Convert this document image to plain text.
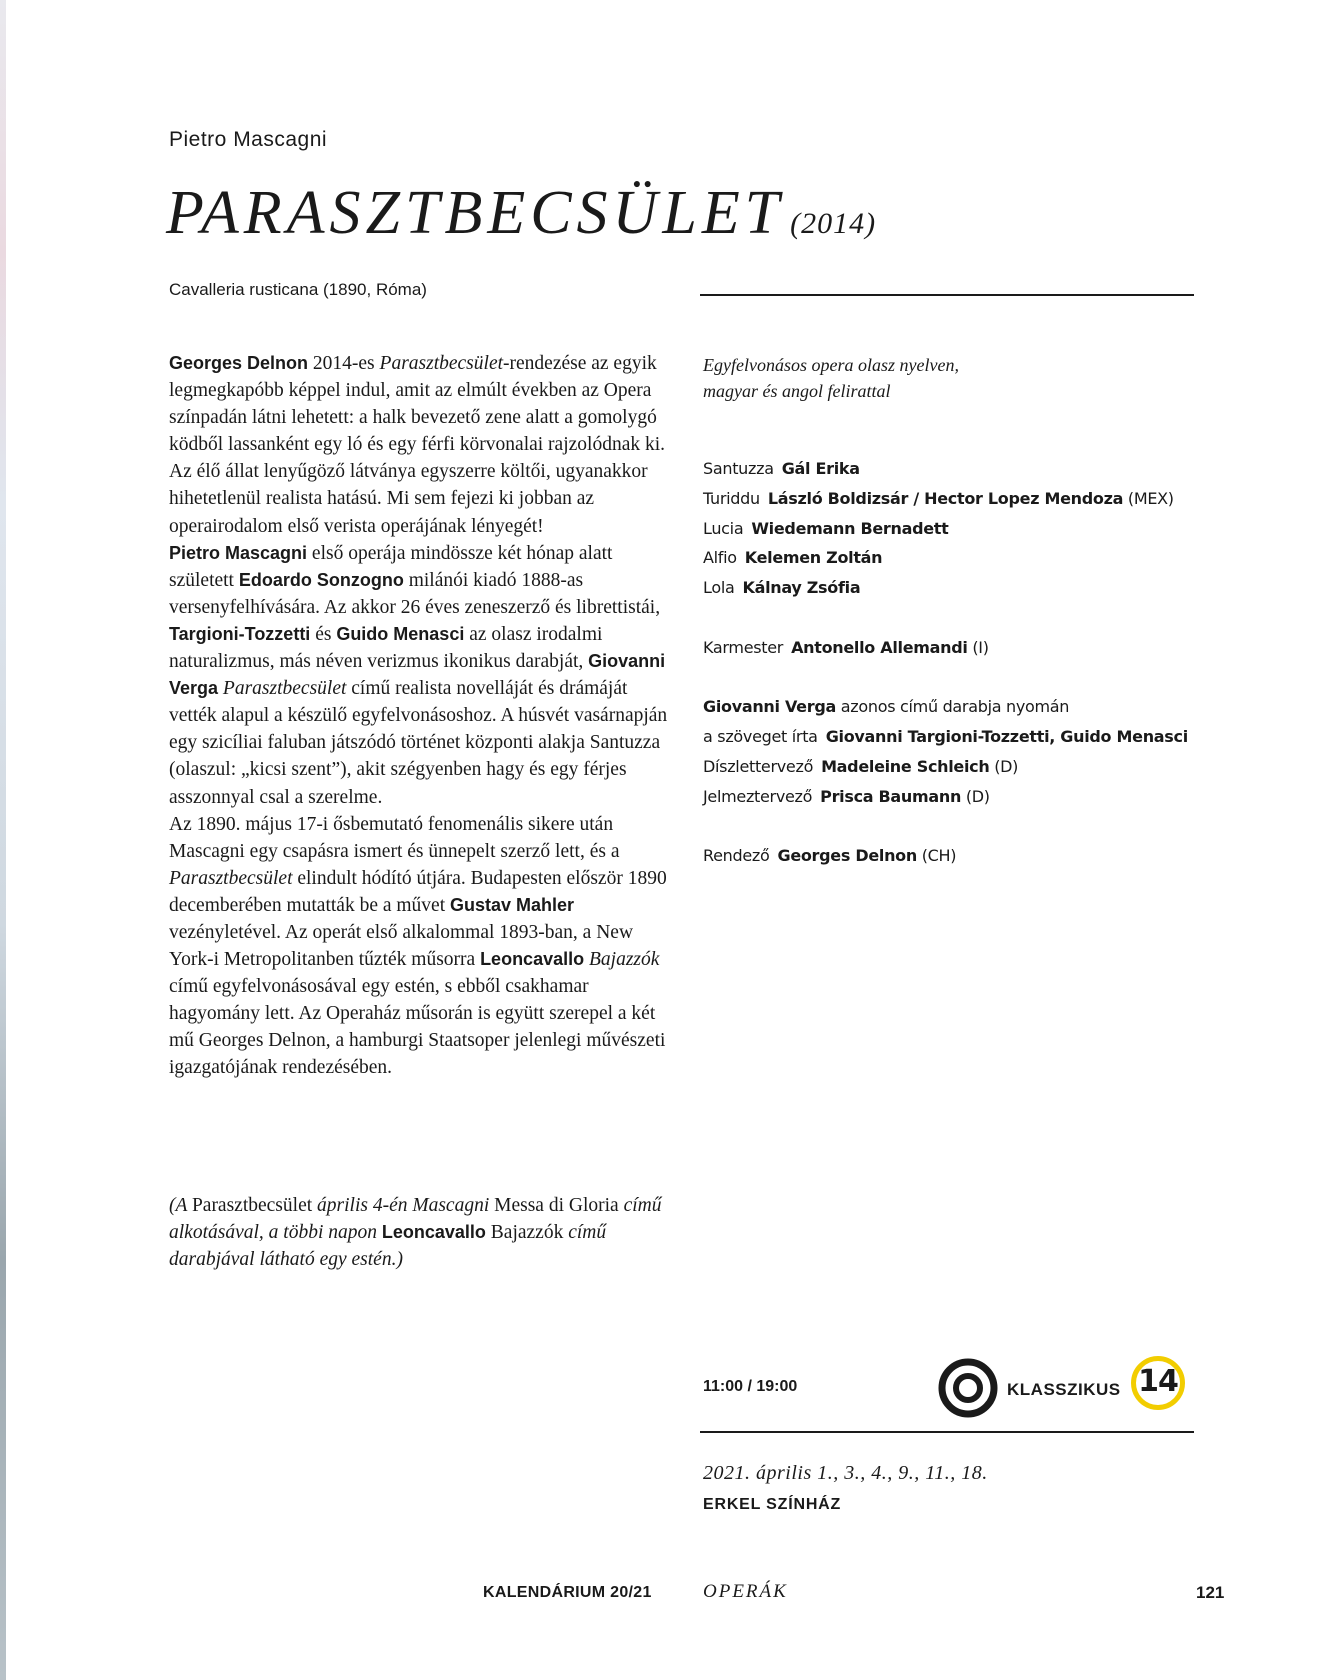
Pietro Mascagni
PARASZTBECSÜLET (2014)
Cavalleria rusticana (1890, Róma)

Georges Delnon 2014-es Parasztbecsület-rendezése az egyik legmegkapóbb képpel indul, amit az elmúlt években az Opera színpadán látni lehetett: a halk bevezető zene alatt a gomolygó ködből lassanként egy ló és egy férfi körvonalai rajzolódnak ki. Az élő állat lenyűgöző látványa egyszerre költői, ugyanakkor hihetetlenül realista hatású. Mi sem fejezi ki jobban az operairodalom első verista operájának lényegét!

Pietro Mascagni első operája mindössze két hónap alatt született Edoardo Sonzogno milánói kiadó 1888-as versenyfelhívására. Az akkor 26 éves zeneszerző és librettistái, Targioni-Tozzetti és Guido Menasci az olasz irodalmi naturalizmus, más néven verizmus ikonikus darabját, Giovanni Verga Parasztbecsület című realista novelláját és drámáját vették alapul a készülő egyfelvonásoshoz. A húsvét vasárnapján egy szicíliai faluban játszódó történet központi alakja Santuzza (olaszul: „kicsi szent”), akit szégyenben hagy és egy férjes asszonnyal csal a szerelme.

Az 1890. május 17-i ősbemutató fenomenális sikere után Mascagni egy csapásra ismert és ünnepelt szerző lett, és a Parasztbecsület elindult hódító útjára. Budapesten először 1890 decemberében mutatták be a művet Gustav Mahler vezényletével. Az operát első alkalommal 1893-ban, a New York-i Metropolitanben tűzték műsorra Leoncavallo Bajazzók című egyfelvonásosával egy estén, s ebből csakhamar hagyomány lett. Az Operaház műsorán is együtt szerepel a két mű Georges Delnon, a hamburgi Staatsoper jelenlegi művészeti igazgatójának rendezésében.

(A Parasztbecsület április 4-én Mascagni Messa di Gloria című alkotásával, a többi napon Leoncavallo Bajazzók című darabjával látható egy estén.)
Egyfelvonásos opera olasz nyelven,
magyar és angol felirattal
Santuzza Gál Erika
Turiddu László Boldizsár / Hector Lopez Mendoza (MEX)
Lucia Wiedemann Bernadett
Alfio Kelemen Zoltán
Lola Kálnay Zsófia
Karmester Antonello Allemandi (I)
Giovanni Verga azonos című darabja nyomán
a szöveget írta Giovanni Targioni-Tozzetti, Guido Menasci
Díszlettervező Madeleine Schleich (D)
Jelmeztervező Prisca Baumann (D)
Rendező Georges Delnon (CH)
11:00 / 19:00	KLASSZIKUS 14
2021. április 1., 3., 4., 9., 11., 18.
ERKEL SZÍNHÁZ
KALENDÁRIUM 20/21	OPERÁK	121
